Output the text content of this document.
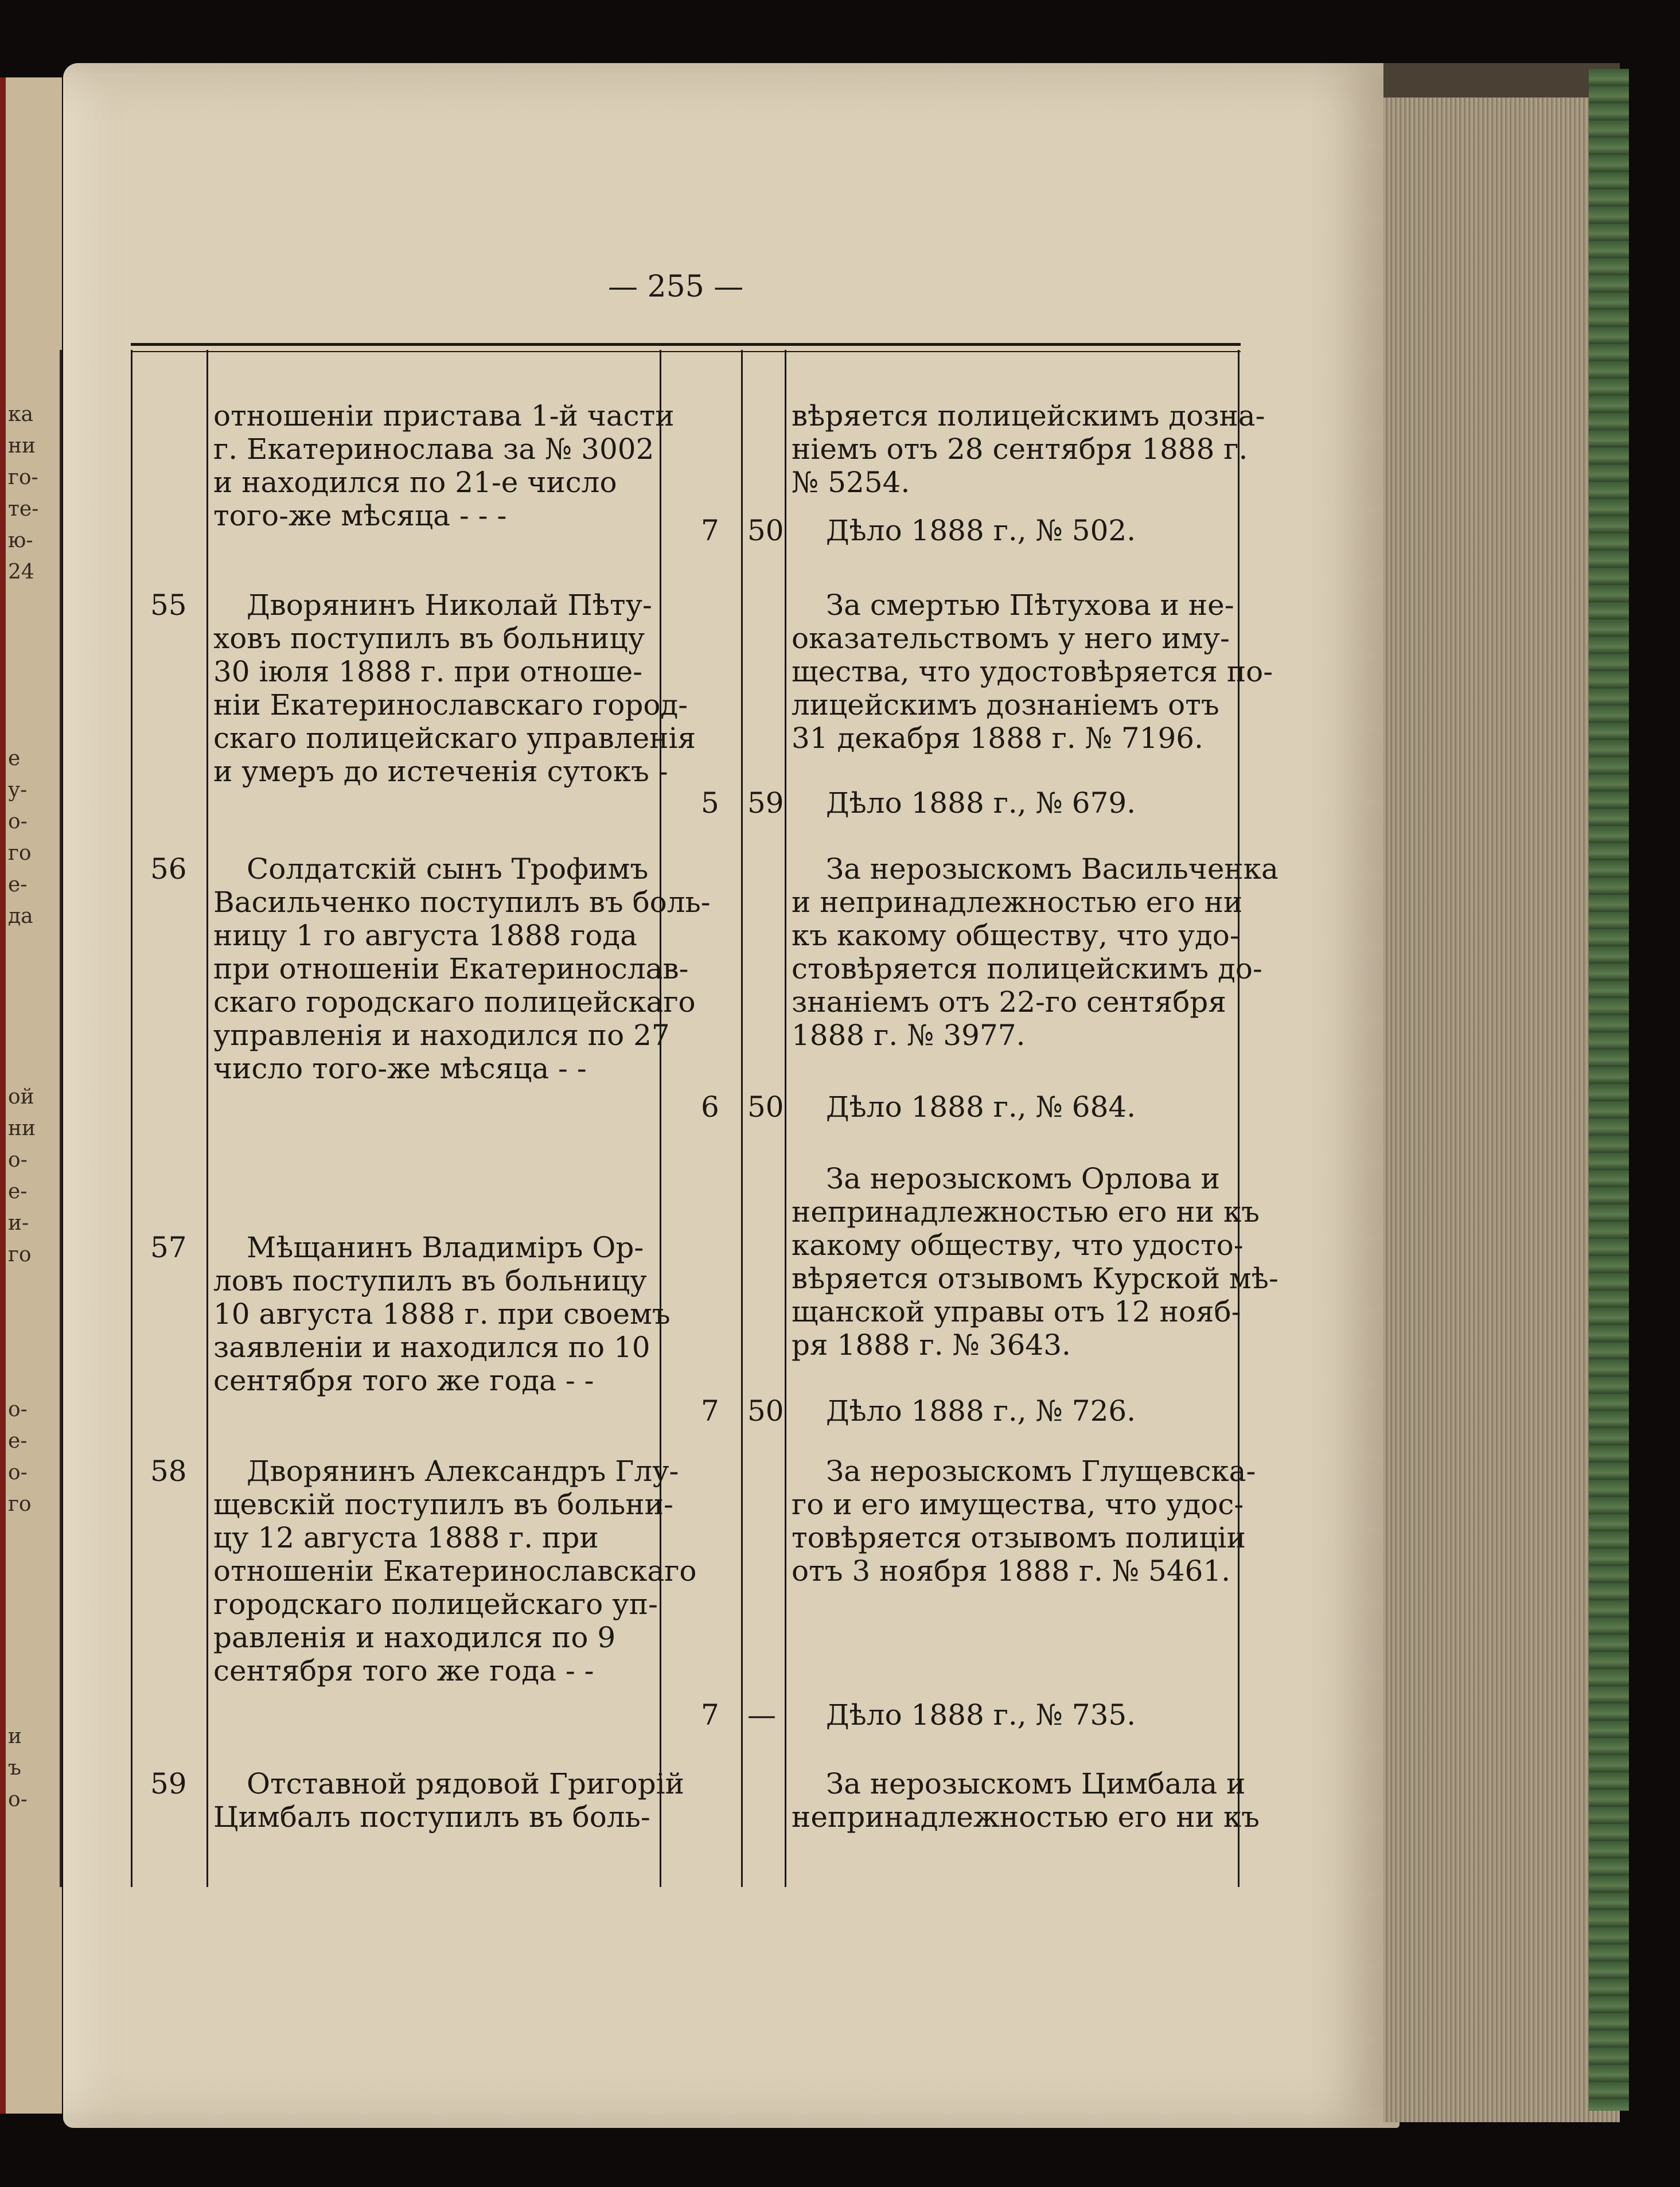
ка
ни
го-
те-
ю-
24
е
у-
о-
го
е-
да
ой
ни
о-
е-
и-
го
о-
е-
о-
го
и
ъ
о-
— 255 —
отношенiи пристава 1-й части
г. Екатеринослава за № 3002
и находился по 21-е число
того-же мѣсяца - - -
вѣряется полицейскимъ дозна-
нiемъ отъ 28 сентября 1888 г.
№ 5254.
Дѣло 1888 г., № 502.
7 50
55 Дворянинъ Николай Пѣту-
ховъ поступилъ въ больницу
30 iюля 1888 г. при отноше-
нiи Екатеринославскаго город-
скаго полицейскаго управленiя
и умеръ до истеченiя сутокъ -
За смертью Пѣтухова и не-
оказательствомъ у него иму-
щества, что удостовѣряется по-
лицейскимъ дознанiемъ отъ
31 декабря 1888 г. № 7196.
Дѣло 1888 г., № 679.
5 59
56 Солдатскiй сынъ Трофимъ
Васильченко поступилъ въ боль-
ницу 1 го августа 1888 года
при отношенiи Екатеринослав-
скаго городскаго полицейскаго
управленiя и находился по 27
число того-же мѣсяца - -
За нерозыскомъ Васильченка
и непринадлежностью его ни
къ какому обществу, что удо-
стовѣряется полицейскимъ до-
знанiемъ отъ 22-го сентября
1888 г. № 3977.
Дѣло 1888 г., № 684.
6 50
57 Мѣщанинъ Владимiръ Ор-
ловъ поступилъ въ больницу
10 августа 1888 г. при своемъ
заявленiи и находился по 10
сентября того же года - -
За нерозыскомъ Орлова и
непринадлежностью его ни къ
какому обществу, что удосто-
вѣряется отзывомъ Курской мѣ-
щанской управы отъ 12 нояб-
ря 1888 г. № 3643.
Дѣло 1888 г., № 726.
7 50
58 Дворянинъ Александръ Глу-
щевскiй поступилъ въ больни-
цу 12 августа 1888 г. при
отношенiи Екатеринославскаго
городскаго полицейскаго уп-
равленiя и находился по 9
сентября того же года - -
За нерозыскомъ Глущевска-
го и его имущества, что удос-
товѣряется отзывомъ полицiи
отъ 3 ноября 1888 г. № 5461.
Дѣло 1888 г., № 735.
7 —
59 Отставной рядовой Григорiй
Цимбалъ поступилъ въ боль-
За нерозыскомъ Цимбала и
непринадлежностью его ни къ
